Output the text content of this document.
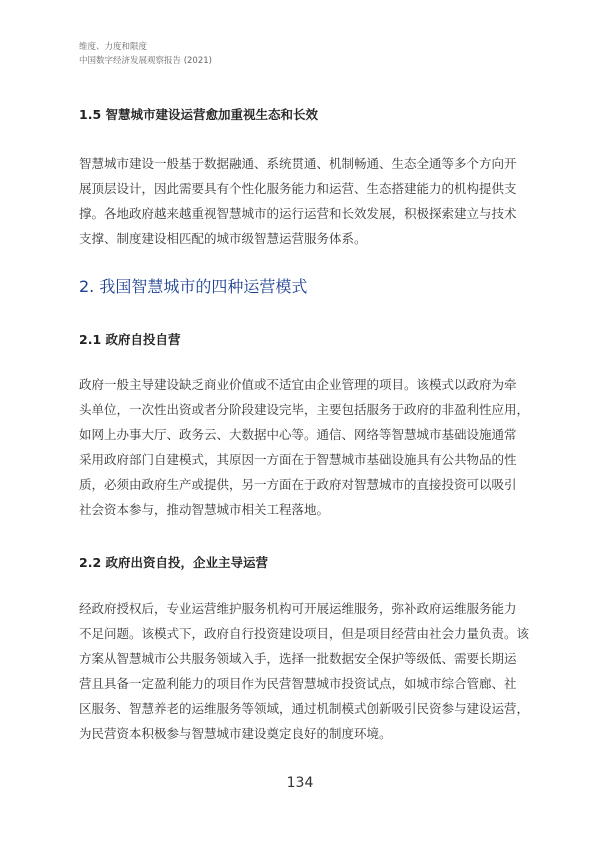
维度、力度和限度
中国数字经济发展观察报告 (2021)
1.5 智慧城市建设运营愈加重视生态和长效
智慧城市建设一般基于数据融通、系统贯通、机制畅通、生态全通等多个方向开
展顶层设计，因此需要具有个性化服务能力和运营、生态搭建能力的机构提供支
撑。各地政府越来越重视智慧城市的运行运营和长效发展，积极探索建立与技术
支撑、制度建设相匹配的城市级智慧运营服务体系。
2. 我国智慧城市的四种运营模式
2.1 政府自投自营
政府一般主导建设缺乏商业价值或不适宜由企业管理的项目。该模式以政府为牵
头单位，一次性出资或者分阶段建设完毕，主要包括服务于政府的非盈利性应用，
如网上办事大厅、政务云、大数据中心等。通信、网络等智慧城市基础设施通常
采用政府部门自建模式，其原因一方面在于智慧城市基础设施具有公共物品的性
质，必须由政府生产或提供，另一方面在于政府对智慧城市的直接投资可以吸引
社会资本参与，推动智慧城市相关工程落地。
2.2 政府出资自投，企业主导运营
经政府授权后，专业运营维护服务机构可开展运维服务，弥补政府运维服务能力
不足问题。该模式下，政府自行投资建设项目，但是项目经营由社会力量负责。该
方案从智慧城市公共服务领域入手，选择一批数据安全保护等级低、需要长期运
营且具备一定盈利能力的项目作为民营智慧城市投资试点，如城市综合管廊、社
区服务、智慧养老的运维服务等领域，通过机制模式创新吸引民资参与建设运营，
为民营资本积极参与智慧城市建设奠定良好的制度环境。
134
